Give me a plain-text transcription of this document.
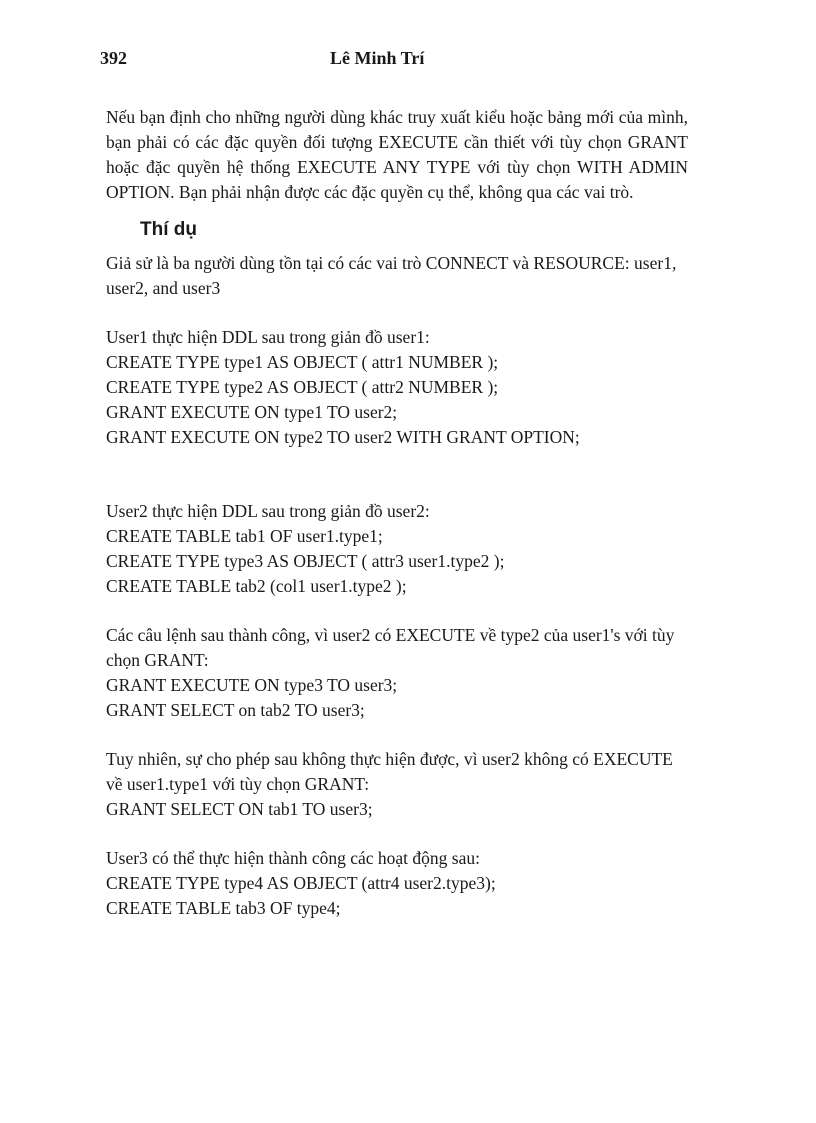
392	Lê Minh Trí

Nếu bạn định cho những người dùng khác truy xuất kiểu hoặc bảng mới của mình, bạn phải có các đặc quyền đối tượng EXECUTE cần thiết với tùy chọn GRANT hoặc đặc quyền hệ thống EXECUTE ANY TYPE với tùy chọn WITH ADMIN OPTION. Bạn phải nhận được các đặc quyền cụ thể, không qua các vai trò.

Thí dụ

Giả sử là ba người dùng tồn tại có các vai trò CONNECT và RESOURCE: user1, user2, and user3

User1 thực hiện DDL sau trong giản đồ user1:
CREATE TYPE type1 AS OBJECT ( attr1 NUMBER );
CREATE TYPE type2 AS OBJECT ( attr2 NUMBER );
GRANT EXECUTE ON type1 TO user2;
GRANT EXECUTE ON type2 TO user2 WITH GRANT OPTION;
User2 thực hiện DDL sau trong giản đồ user2:
CREATE TABLE tab1 OF user1.type1;
CREATE TYPE type3 AS OBJECT ( attr3 user1.type2 );
CREATE TABLE tab2 (col1 user1.type2 );

Các câu lệnh sau thành công, vì user2 có EXECUTE về type2 của user1's với tùy chọn GRANT:

GRANT EXECUTE ON type3 TO user3;
GRANT SELECT on tab2 TO user3;

Tuy nhiên, sự cho phép sau không thực hiện được, vì user2 không có EXECUTE về user1.type1 với tùy chọn GRANT:

GRANT SELECT ON tab1 TO user3;
User3 có thể thực hiện thành công các hoạt động sau:
CREATE TYPE type4 AS OBJECT (attr4 user2.type3);
CREATE TABLE tab3 OF type4;
